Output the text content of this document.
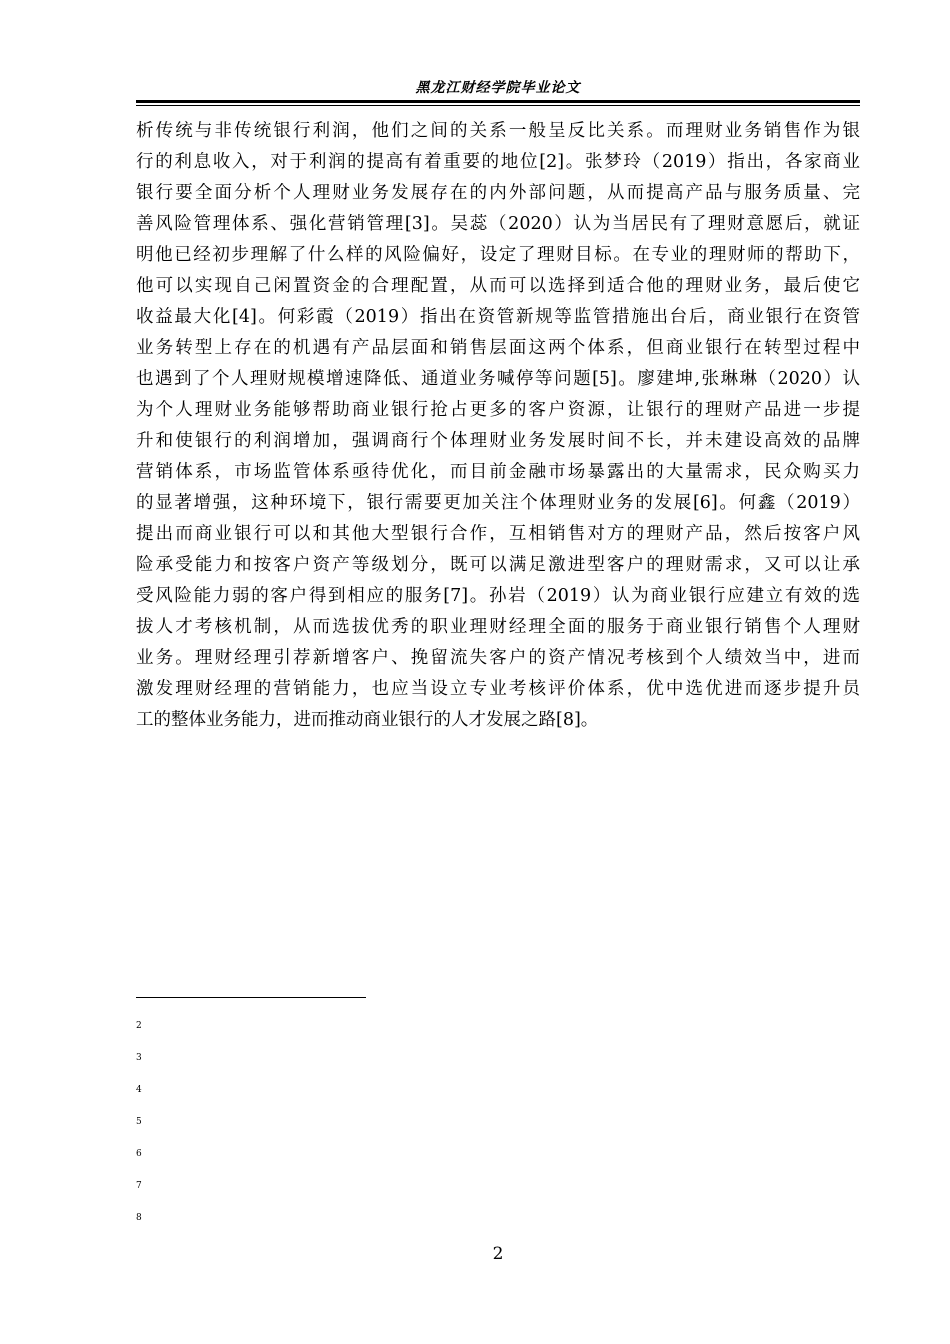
黑龙江财经学院毕业论文
析传统与非传统银行利润，他们之间的关系一般呈反比关系。而理财业务销售作为银
行的利息收入，对于利润的提高有着重要的地位[2]。张梦玲（2019）指出，各家商业
银行要全面分析个人理财业务发展存在的内外部问题，从而提高产品与服务质量、完
善风险管理体系、强化营销管理[3]。吴蕊（2020）认为当居民有了理财意愿后，就证
明他已经初步理解了什么样的风险偏好，设定了理财目标。在专业的理财师的帮助下，
他可以实现自己闲置资金的合理配置，从而可以选择到适合他的理财业务，最后使它
收益最大化[4]。何彩霞（2019）指出在资管新规等监管措施出台后，商业银行在资管
业务转型上存在的机遇有产品层面和销售层面这两个体系，但商业银行在转型过程中
也遇到了个人理财规模增速降低、通道业务喊停等问题[5]。廖建坤,张琳琳（2020）认
为个人理财业务能够帮助商业银行抢占更多的客户资源，让银行的理财产品进一步提
升和使银行的利润增加，强调商行个体理财业务发展时间不长，并未建设高效的品牌
营销体系，市场监管体系亟待优化，而目前金融市场暴露出的大量需求，民众购买力
的显著增强，这种环境下，银行需要更加关注个体理财业务的发展[6]。何鑫（2019）
提出而商业银行可以和其他大型银行合作，互相销售对方的理财产品，然后按客户风
险承受能力和按客户资产等级划分，既可以满足激进型客户的理财需求，又可以让承
受风险能力弱的客户得到相应的服务[7]。孙岩（2019）认为商业银行应建立有效的选
拔人才考核机制，从而选拔优秀的职业理财经理全面的服务于商业银行销售个人理财
业务。理财经理引荐新增客户、挽留流失客户的资产情况考核到个人绩效当中，进而
激发理财经理的营销能力，也应当设立专业考核评价体系，优中选优进而逐步提升员
工的整体业务能力，进而推动商业银行的人才发展之路[8]。
2
3
4
5
6
7
8
2
